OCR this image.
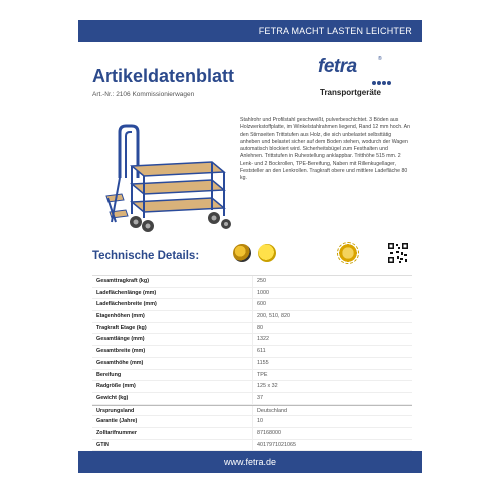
FETRA MACHT LASTEN LEICHTER
Artikeldatenblatt
Art.-Nr.: 2106 Kommissionierwagen
fetra	®
Transportgeräte
Stahlrohr und Profilstahl geschweißt, pulverbeschichtet. 3 Böden aus Holzwerkstoffplatte, im Winkelstahlrahmen liegend, Rand 12 mm hoch. An den Stirnseiten Trittstufen aus Holz, die sich unbelastet selbsttätig anheben und belastet sicher auf dem Boden stehen, wodurch der Wagen automatisch blockiert wird. Sicherheitsbügel zum Festhalten und Anlehnen. Trittstufen in Ruhestellung anklappbar. Tritthöhe 515 mm. 2 Lenk- und 2 Bockrollen, TPE-Bereifung, Naben mit Rillenkugellager, Feststeller an den Lenkrollen. Tragkraft obere und mittlere Ladefläche 80 kg.
Technische Details:
Gesamttragkraft (kg)	250
Ladeflächenlänge (mm)	1000
Ladeflächenbreite (mm)	600
Etagenhöhen (mm)	200, 510, 820
Tragkraft Etage (kg)	80
Gesamtlänge (mm)	1322
Gesamtbreite (mm)	611
Gesamthöhe (mm)	1155
Bereifung	TPE
Radgröße (mm)	125 x 32
Gewicht (kg)	37
Ursprungsland	Deutschland
Garantie (Jahre)	10
Zolltarifnummer	87168000
GTIN	4017971021065
www.fetra.de
